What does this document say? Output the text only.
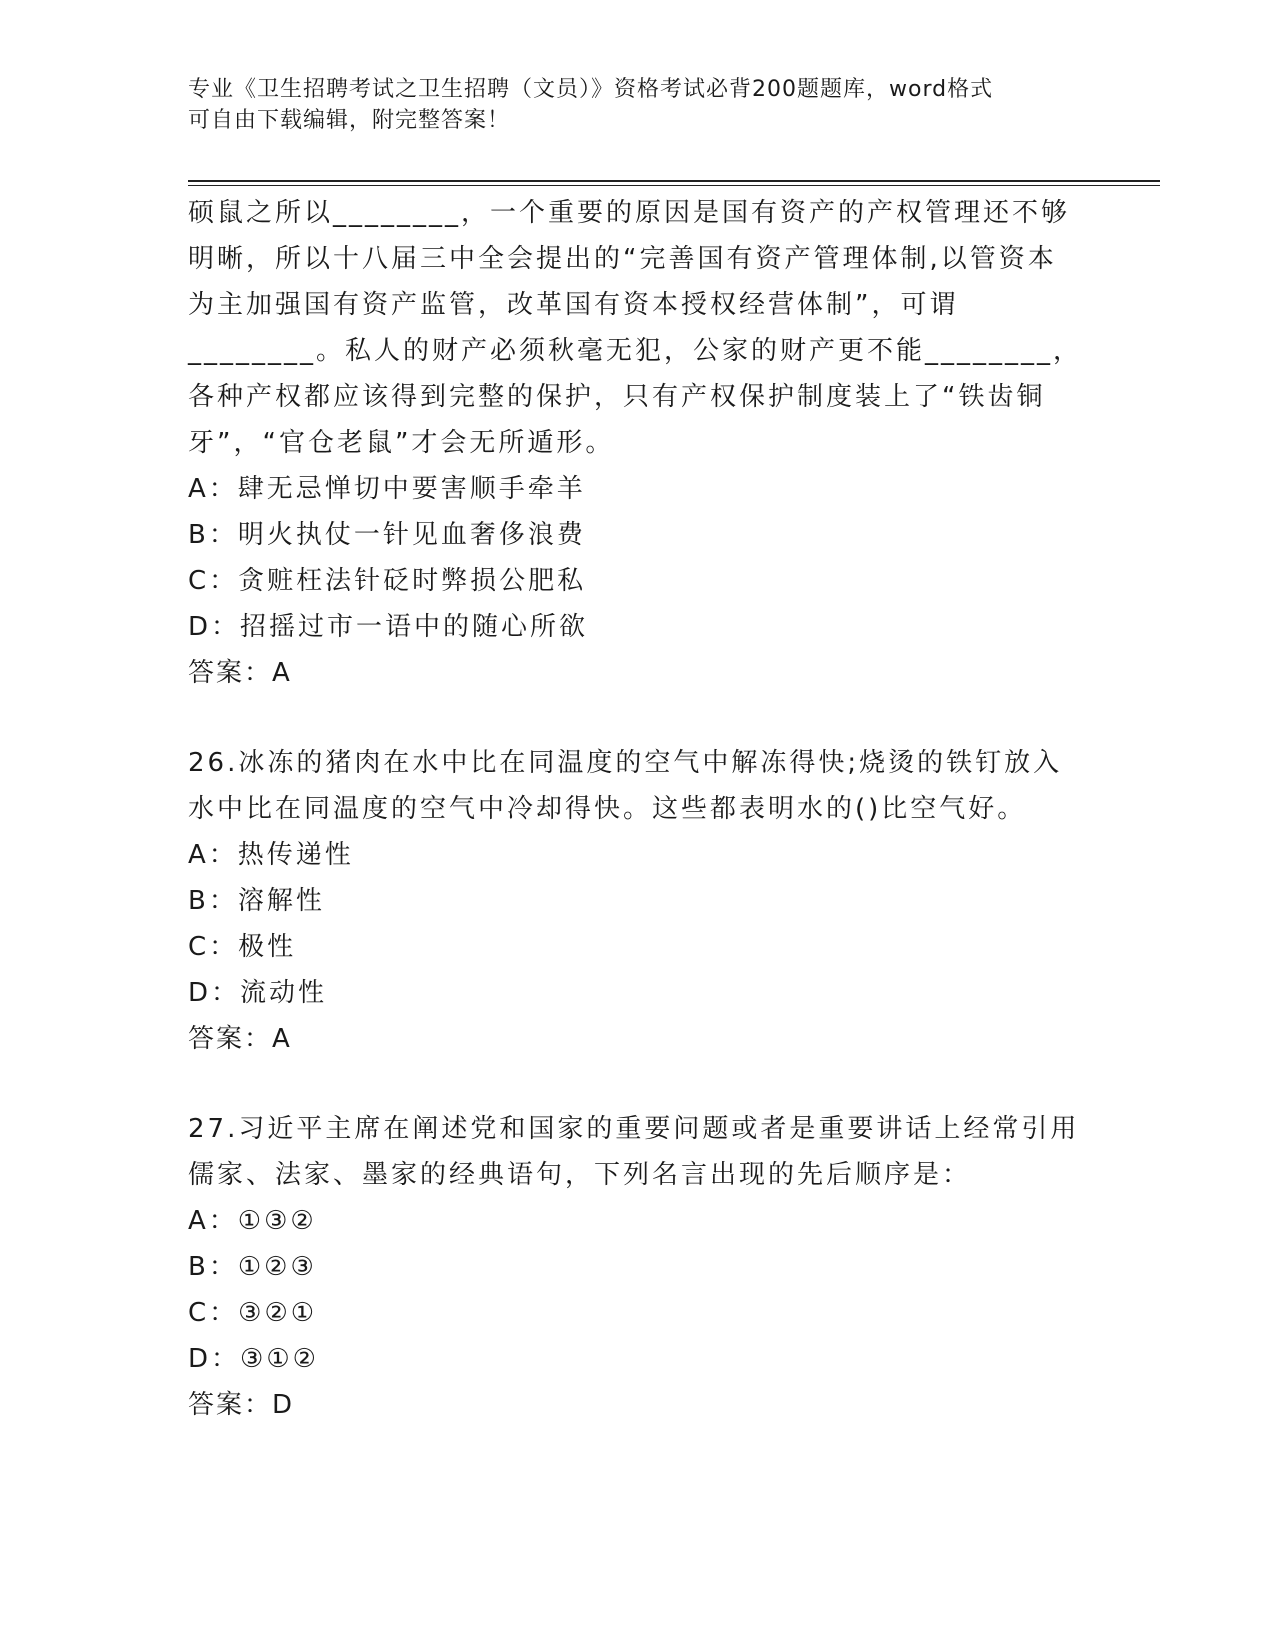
专业《卫生招聘考试之卫生招聘（文员）》资格考试必背200题题库，word格式
可自由下载编辑，附完整答案！
硕鼠之所以________，一个重要的原因是国有资产的产权管理还不够
明晰，所以十八届三中全会提出的“完善国有资产管理体制,以管资本
为主加强国有资产监管，改革国有资本授权经营体制”，可谓
________。私人的财产必须秋毫无犯，公家的财产更不能________，
各种产权都应该得到完整的保护，只有产权保护制度装上了“铁齿铜
牙”，“官仓老鼠”才会无所遁形。
A：肆无忌惮切中要害顺手牵羊
B：明火执仗一针见血奢侈浪费
C：贪赃枉法针砭时弊损公肥私
D：招摇过市一语中的随心所欲
答案：A
26.冰冻的猪肉在水中比在同温度的空气中解冻得快;烧烫的铁钉放入
水中比在同温度的空气中冷却得快。这些都表明水的()比空气好。
A：热传递性
B：溶解性
C：极性
D：流动性
答案：A
27.习近平主席在阐述党和国家的重要问题或者是重要讲话上经常引用
儒家、法家、墨家的经典语句，下列名言出现的先后顺序是：
A：①③②
B：①②③
C：③②①
D：③①②
答案：D
